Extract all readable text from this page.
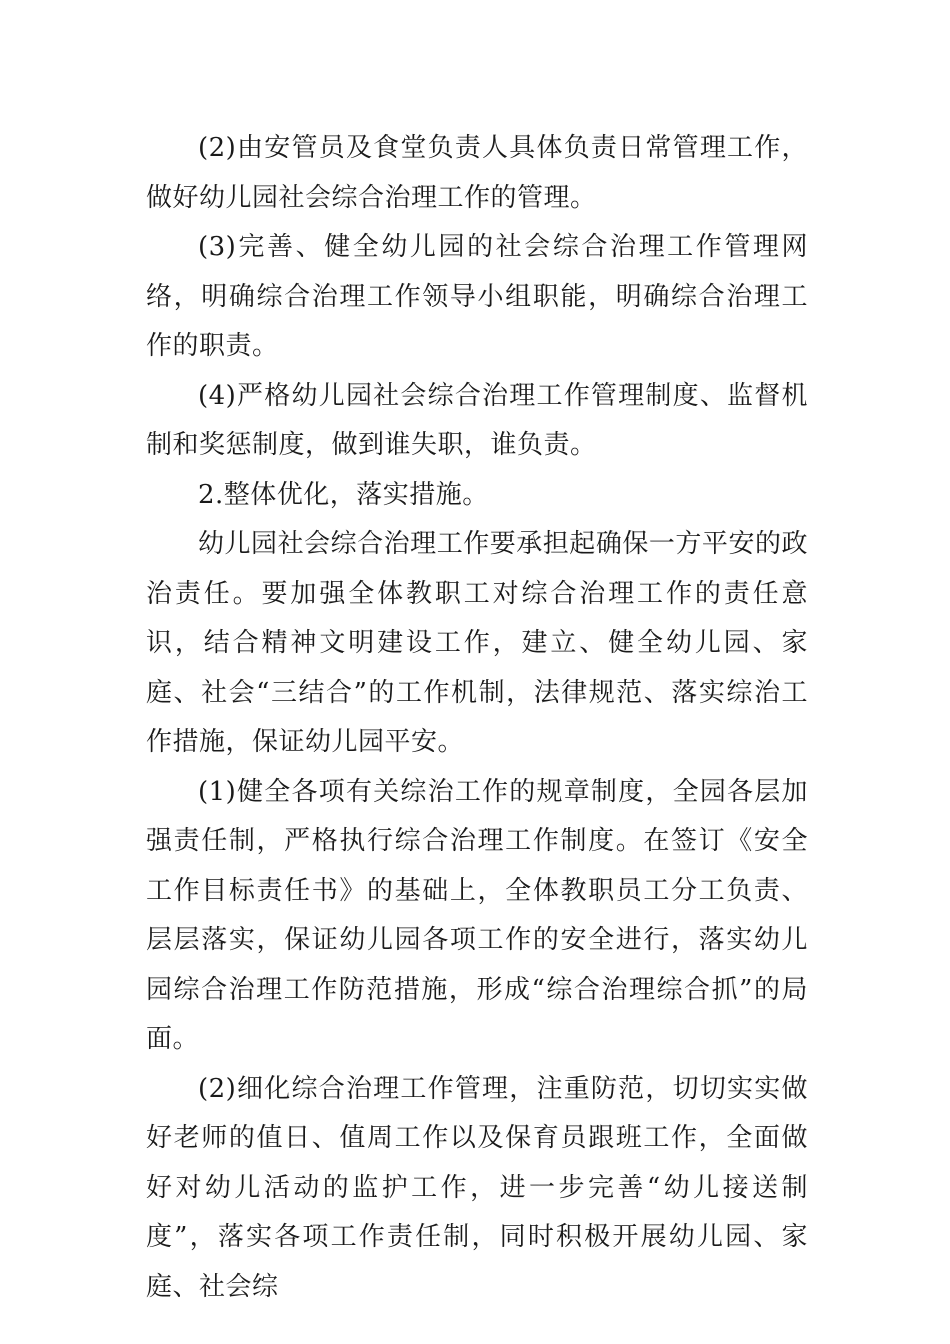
(2)由安管员及食堂负责人具体负责日常管理工作，做好幼儿园社会综合治理工作的管理。

(3)完善、健全幼儿园的社会综合治理工作管理网络，明确综合治理工作领导小组职能，明确综合治理工作的职责。

(4)严格幼儿园社会综合治理工作管理制度、监督机制和奖惩制度，做到谁失职，谁负责。

2.整体优化，落实措施。

幼儿园社会综合治理工作要承担起确保一方平安的政治责任。要加强全体教职工对综合治理工作的责任意识，结合精神文明建设工作，建立、健全幼儿园、家庭、社会“三结合”的工作机制，法律规范、落实综治工作措施，保证幼儿园平安。

(1)健全各项有关综治工作的规章制度，全园各层加强责任制，严格执行综合治理工作制度。在签订《安全工作目标责任书》的基础上，全体教职员工分工负责、层层落实，保证幼儿园各项工作的安全进行，落实幼儿园综合治理工作防范措施，形成“综合治理综合抓”的局面。

(2)细化综合治理工作管理，注重防范，切切实实做好老师的值日、值周工作以及保育员跟班工作，全面做好对幼儿活动的监护工作，进一步完善“幼儿接送制度”，落实各项工作责任制，同时积极开展幼儿园、家庭、社会综
